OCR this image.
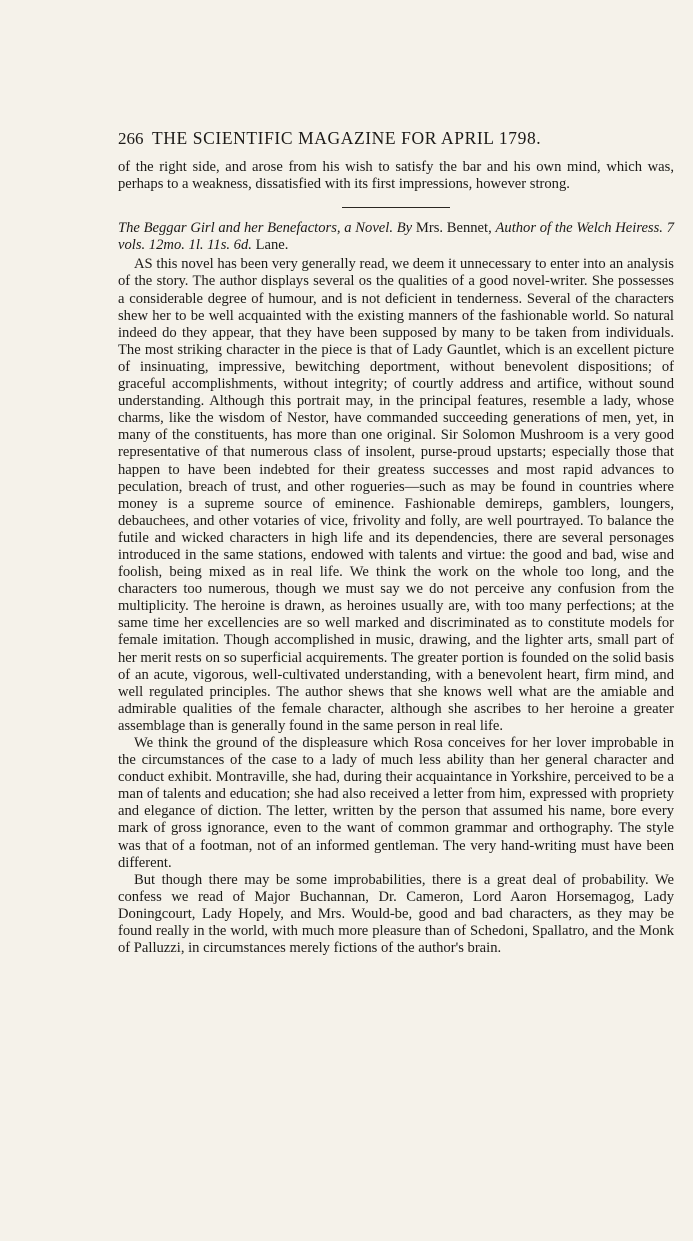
266 THE SCIENTIFIC MAGAZINE FOR APRIL 1798.

of the right side, and arose from his wish to satisfy the bar and his own mind, which was, perhaps to a weakness, dissatisfied with its first impressions, however strong.

The Beggar Girl and her Benefactors, a Novel. By Mrs. Bennet, Author of the Welch Heiress. 7 vols. 12mo. 1l. 11s. 6d. Lane.

AS this novel has been very generally read, we deem it unnecessary to enter into an analysis of the story. The author displays several os the qualities of a good novel-writer. She possesses a considerable degree of humour, and is not deficient in tenderness. Several of the characters shew her to be well acquainted with the existing manners of the fashionable world. So natural indeed do they appear, that they have been supposed by many to be taken from individuals. The most striking character in the piece is that of Lady Gauntlet, which is an excellent picture of insinuating, impressive, bewitching deportment, without benevolent dispositions; of graceful accomplishments, without integrity; of courtly address and artifice, without sound understanding. Although this portrait may, in the principal features, resemble a lady, whose charms, like the wisdom of Nestor, have commanded succeeding generations of men, yet, in many of the constituents, has more than one original. Sir Solomon Mushroom is a very good representative of that numerous class of insolent, purse-proud upstarts; especially those that happen to have been indebted for their greatess successes and most rapid advances to peculation, breach of trust, and other rogueries—such as may be found in countries where money is a supreme source of eminence. Fashionable demireps, gamblers, loungers, debauchees, and other votaries of vice, frivolity and folly, are well pourtrayed. To balance the futile and wicked characters in high life and its dependencies, there are several personages introduced in the same stations, endowed with talents and virtue: the good and bad, wise and foolish, being mixed as in real life. We think the work on the whole too long, and the characters too numerous, though we must say we do not perceive any confusion from the multiplicity. The heroine is drawn, as heroines usually are, with too many perfections; at the same time her excellencies are so well marked and discriminated as to constitute models for female imitation. Though accomplished in music, drawing, and the lighter arts, small part of her merit rests on so superficial acquirements. The greater portion is founded on the solid basis of an acute, vigorous, well-cultivated understanding, with a benevolent heart, firm mind, and well regulated principles. The author shews that she knows well what are the amiable and admirable qualities of the female character, although she ascribes to her heroine a greater assemblage than is generally found in the same person in real life.

We think the ground of the displeasure which Rosa conceives for her lover improbable in the circumstances of the case to a lady of much less ability than her general character and conduct exhibit. Montraville, she had, during their acquaintance in Yorkshire, perceived to be a man of talents and education; she had also received a letter from him, expressed with propriety and elegance of diction. The letter, written by the person that assumed his name, bore every mark of gross ignorance, even to the want of common grammar and orthography. The style was that of a footman, not of an informed gentleman. The very hand-writing must have been different.

But though there may be some improbabilities, there is a great deal of probability. We confess we read of Major Buchannan, Dr. Cameron, Lord Aaron Horsemagog, Lady Doningcourt, Lady Hopely, and Mrs. Would-be, good and bad characters, as they may be found really in the world, with much more pleasure than of Schedoni, Spallatro, and the Monk of Palluzzi, in circumstances merely fictions of the author's brain.
